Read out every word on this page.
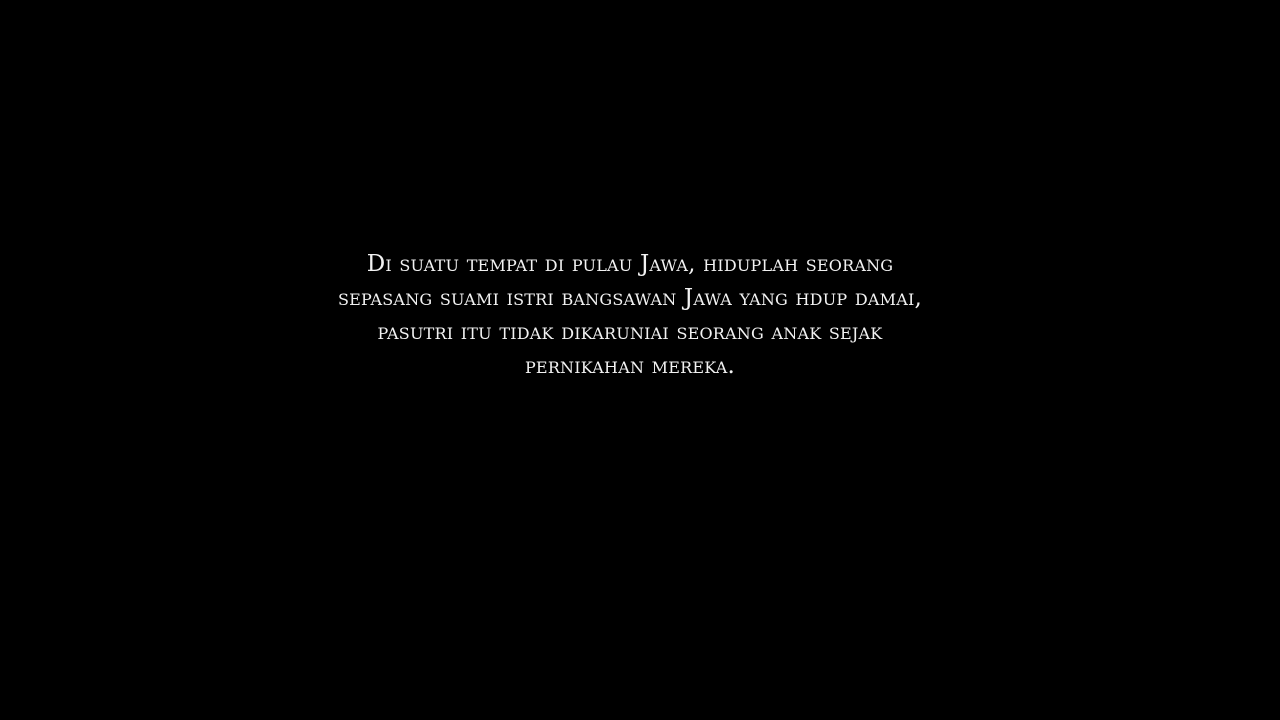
Di suatu tempat di pulau Jawa, hiduplah seorang
sepasang suami istri bangsawan Jawa yang hdup damai,
pasutri itu tidak dikaruniai seorang anak sejak
pernikahan mereka.
